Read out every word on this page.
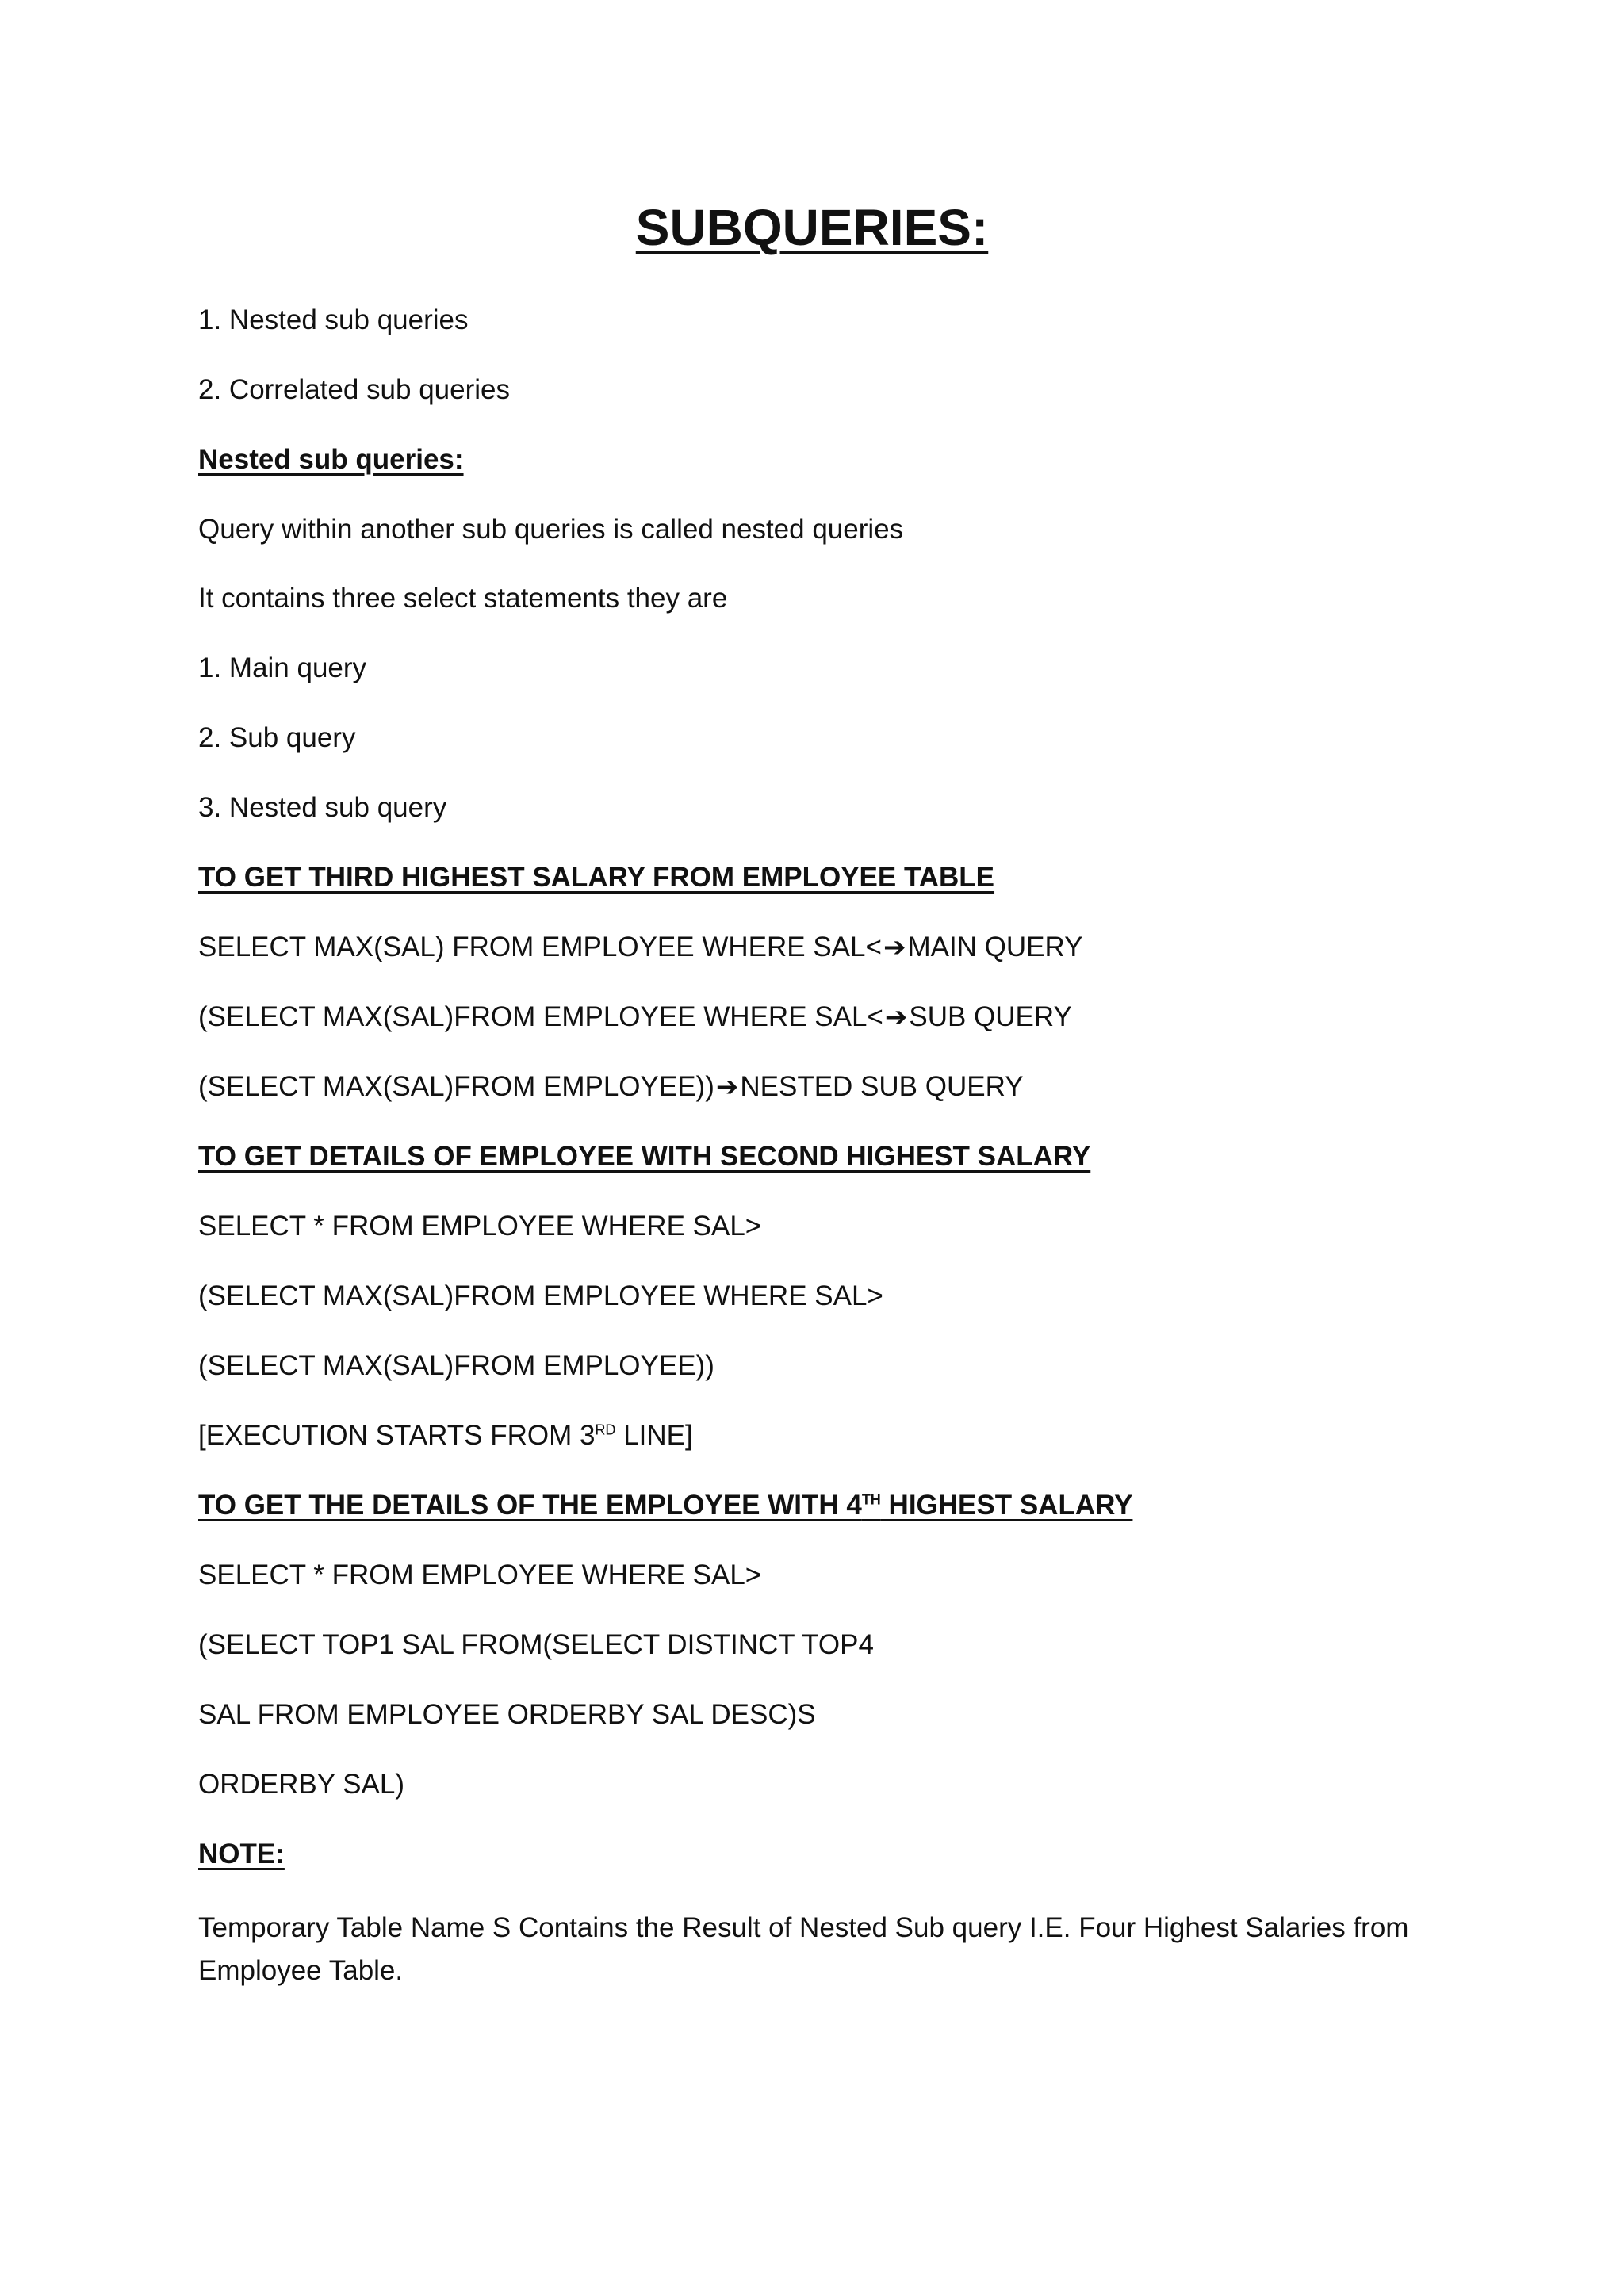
SUBQUERIES:

1. Nested sub queries

2. Correlated sub queries

Nested sub queries:

Query within another sub queries is called nested queries

It contains three select statements they are

1. Main query

2. Sub query

3. Nested sub query

TO GET THIRD HIGHEST SALARY FROM EMPLOYEE TABLE

SELECT MAX(SAL) FROM EMPLOYEE WHERE SAL<➔MAIN QUERY

(SELECT MAX(SAL)FROM EMPLOYEE WHERE SAL<➔SUB QUERY

(SELECT MAX(SAL)FROM EMPLOYEE))➔NESTED SUB QUERY

TO GET DETAILS OF EMPLOYEE WITH SECOND HIGHEST SALARY

SELECT * FROM EMPLOYEE WHERE SAL>

(SELECT MAX(SAL)FROM EMPLOYEE WHERE SAL>

(SELECT MAX(SAL)FROM EMPLOYEE))

[EXECUTION STARTS FROM 3RD LINE]

TO GET THE DETAILS OF THE EMPLOYEE WITH 4TH HIGHEST SALARY

SELECT * FROM EMPLOYEE WHERE SAL>

(SELECT TOP1 SAL FROM(SELECT DISTINCT TOP4

SAL FROM EMPLOYEE ORDERBY SAL DESC)S

ORDERBY SAL)

NOTE:

Temporary Table Name S Contains the Result of Nested Sub query I.E. Four Highest Salaries from Employee Table.
